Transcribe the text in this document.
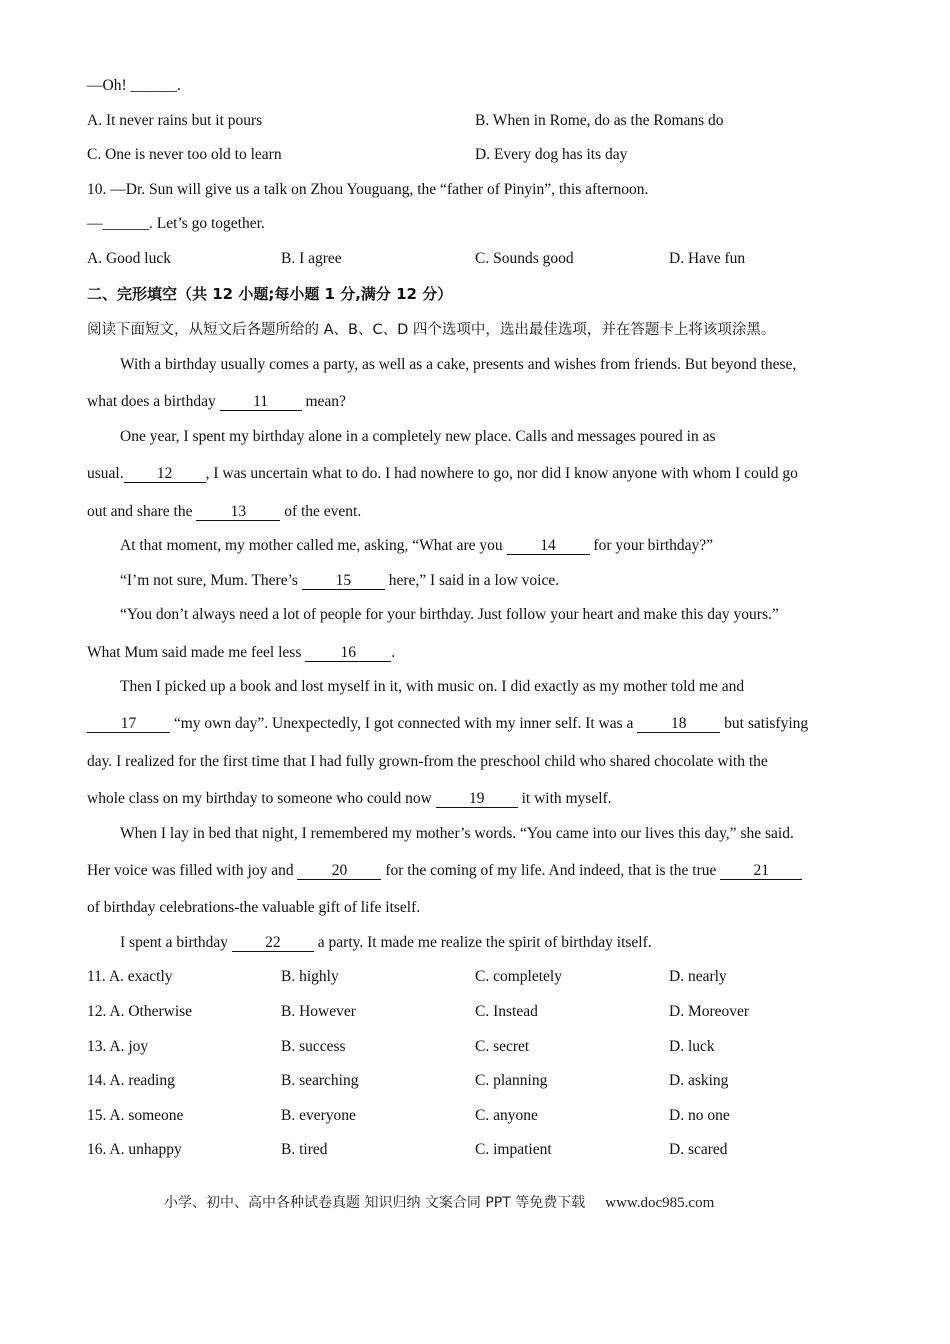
—Oh! ______.
A. It never rains but it pours	B. When in Rome, do as the Romans do
C. One is never too old to learn	D. Every dog has its day
10. —Dr. Sun will give us a talk on Zhou Youguang, the “father of Pinyin”, this afternoon.
—______. Let’s go together.
A. Good luck	B. I agree	C. Sounds good	D. Have fun
二、完形填空（共 12 小题;每小题 1 分,满分 12 分）
阅读下面短文，从短文后各题所给的 A、B、C、D 四个选项中，选出最佳选项，并在答题卡上将该项涂黑。
With a birthday usually comes a party, as well as a cake, presents and wishes from friends. But beyond these,
what does a birthday 11 mean?
One year, I spent my birthday alone in a completely new place. Calls and messages poured in as
usual. 12 , I was uncertain what to do. I had nowhere to go, nor did I know anyone with whom I could go
out and share the 13 of the event.
At that moment, my mother called me, asking, “What are you 14 for your birthday?”
“I’m not sure, Mum. There’s 15 here,” I said in a low voice.
“You don’t always need a lot of people for your birthday. Just follow your heart and make this day yours.”
What Mum said made me feel less 16 .
Then I picked up a book and lost myself in it, with music on. I did exactly as my mother told me and
17 “my own day”. Unexpectedly, I got connected with my inner self. It was a 18 but satisfying
day. I realized for the first time that I had fully grown-from the preschool child who shared chocolate with the
whole class on my birthday to someone who could now 19 it with myself.
When I lay in bed that night, I remembered my mother’s words. “You came into our lives this day,” she said.
Her voice was filled with joy and 20 for the coming of my life. And indeed, that is the true 21
of birthday celebrations-the valuable gift of life itself.
I spent a birthday 22 a party. It made me realize the spirit of birthday itself.
11. A. exactly	B. highly	C. completely	D. nearly
12. A. Otherwise	B. However	C. Instead	D. Moreover
13. A. joy	B. success	C. secret	D. luck
14. A. reading	B. searching	C. planning	D. asking
15. A. someone	B. everyone	C. anyone	D. no one
16. A. unhappy	B. tired	C. impatient	D. scared
小学、初中、高中各种试卷真题 知识归纳 文案合同 PPT 等免费下载 www.doc985.com
